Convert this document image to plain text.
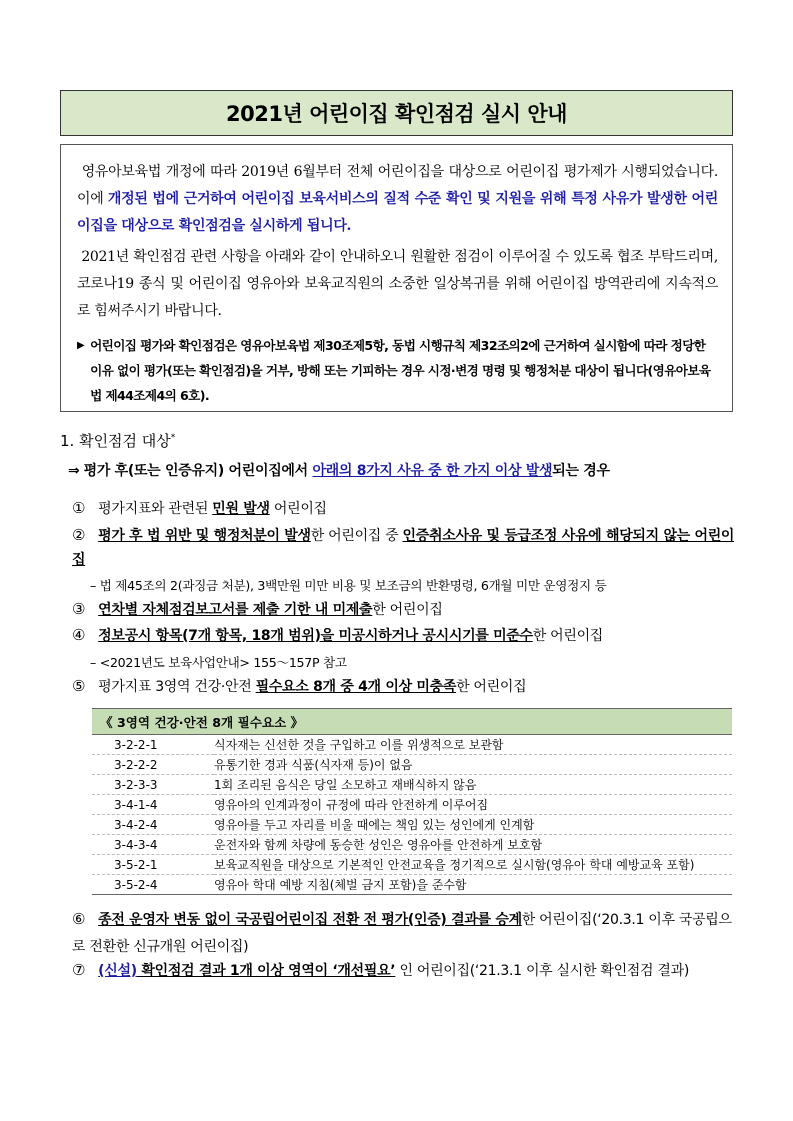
2021년 어린이집 확인점검 실시 안내

영유아보육법 개정에 따라 2019년 6월부터 전체 어린이집을 대상으로 어린이집 평가제가 시행되었습니다. 이에 개정된 법에 근거하여 어린이집 보육서비스의 질적 수준 확인 및 지원을 위해 특정 사유가 발생한 어린이집을 대상으로 확인점검을 실시하게 됩니다.

2021년 확인점검 관련 사항을 아래와 같이 안내하오니 원활한 점검이 이루어질 수 있도록 협조 부탁드리며, 코로나19 종식 및 어린이집 영유아와 보육교직원의 소중한 일상복귀를 위해 어린이집 방역관리에 지속적으로 힘써주시기 바랍니다.

▶ 어린이집 평가와 확인점검은 영유아보육법 제30조제5항, 동법 시행규칙 제32조의2에 근거하여 실시함에 따라 정당한 이유 없이 평가(또는 확인점검)을 거부, 방해 또는 기피하는 경우 시정·변경 명령 및 행정처분 대상이 됩니다(영유아보육법 제44조제4의 6호).
1. 확인점검 대상*
⇒ 평가 후(또는 인증유지) 어린이집에서 아래의 8가지 사유 중 한 가지 이상 발생되는 경우
① 평가지표와 관련된 민원 발생 어린이집
② 평가 후 법 위반 및 행정처분이 발생한 어린이집 중 인증취소사유 및 등급조정 사유에 해당되지 않는 어린이집
– 법 제45조의 2(과징금 처분), 3백만원 미만 비용 및 보조금의 반환명령, 6개월 미만 운영정지 등
③ 연차별 자체점검보고서를 제출 기한 내 미제출한 어린이집
④ 정보공시 항목(7개 항목, 18개 범위)을 미공시하거나 공시시기를 미준수한 어린이집
– <2021년도 보육사업안내> 155～157P 참고
⑤ 평가지표 3영역 건강·안전 필수요소 8개 중 4개 이상 미충족한 어린이집
《 3영역 건강·안전 8개 필수요소 》	
3-2-2-1	식자재는 신선한 것을 구입하고 이를 위생적으로 보관함
3-2-2-2	유통기한 경과 식품(식자재 등)이 없음
3-2-3-3	1회 조리된 음식은 당일 소모하고 재배식하지 않음
3-4-1-4	영유아의 인계과정이 규정에 따라 안전하게 이루어짐
3-4-2-4	영유아를 두고 자리를 비울 때에는 책임 있는 성인에게 인계함
3-4-3-4	운전자와 함께 차량에 동승한 성인은 영유아를 안전하게 보호함
3-5-2-1	보육교직원을 대상으로 기본적인 안전교육을 정기적으로 실시함(영유아 학대 예방교육 포함)
3-5-2-4	영유아 학대 예방 지침(체벌 금지 포함)을 준수함
⑥ 종전 운영자 변동 없이 국공립어린이집 전환 전 평가(인증) 결과를 승계한 어린이집(‘20.3.1 이후 국공립으로 전환한 신규개원 어린이집)
⑦ (신설) 확인점검 결과 1개 이상 영역이 ‘개선필요’ 인 어린이집(‘21.3.1 이후 실시한 확인점검 결과)
